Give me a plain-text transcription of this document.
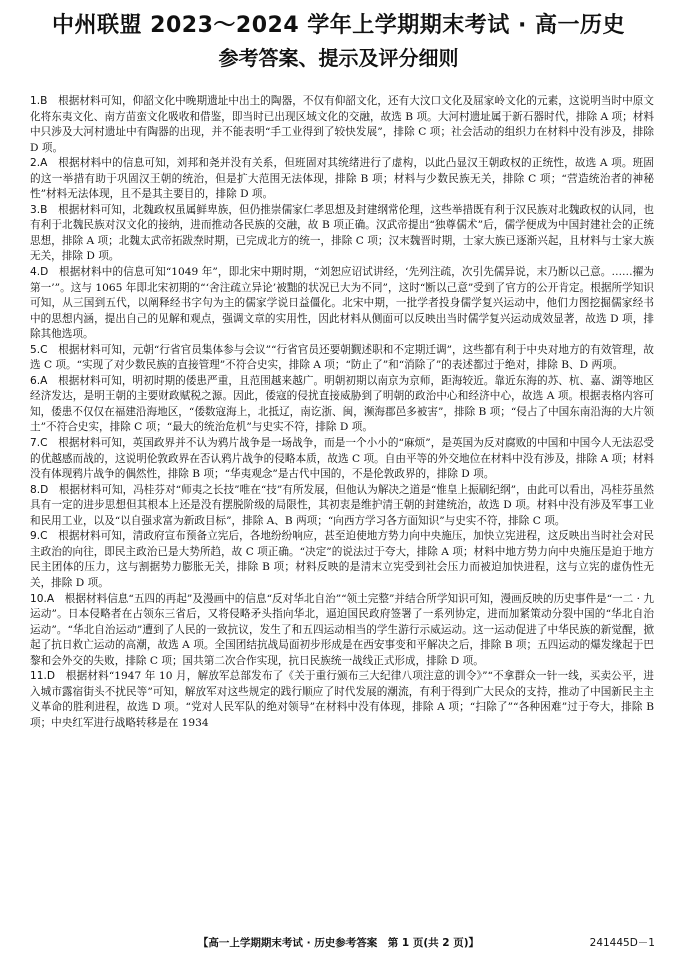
中州联盟 2023～2024 学年上学期期末考试 · 高一历史
参考答案、提示及评分细则

1.B　 根据材料可知，仰韶文化中晚期遗址中出土的陶器，不仅有仰韶文化，还有大汶口文化及屈家岭文化的元素，这说明当时中原文化将东夷文化、南方苗蛮文化吸收和借鉴，即当时已出现区域文化的交融，故选 B 项。大河村遗址属于新石器时代，排除 A 项；材料中只涉及大河村遗址中有陶器的出现，并不能表明“手工业得到了较快发展”，排除 C 项；社会活动的组织力在材料中没有涉及，排除 D 项。

2.A　 根据材料中的信息可知，刘邦和尧并没有关系，但班固对其统绪进行了虚构，以此凸显汉王朝政权的正统性，故选 A 项。班固的这一举措有助于巩固汉王朝的统治，但是扩大范围无法体现，排除 B 项；材料与少数民族无关，排除 C 项；“营造统治者的神秘性”材料无法体现，且不是其主要目的，排除 D 项。

3.B　 根据材料可知，北魏政权虽属鲜卑族，但仍推崇儒家仁孝思想及封建纲常伦理，这些举措既有利于汉民族对北魏政权的认同，也有利于北魏民族对汉文化的接纳，进而推动各民族的交融，故 B 项正确。汉武帝提出“独尊儒术”后，儒学便成为中国封建社会的正统思想，排除 A 项；北魏太武帝拓跋焘时期，已完成北方的统一，排除 C 项；汉末魏晋时期，士家大族已逐渐兴起，且材料与士家大族无关，排除 D 项。

4.D　 根据材料中的信息可知“1049 年”，即北宋中期时期，“刘恕应诏试讲经，‘先列注疏，次引先儒异说，末乃断以己意。……擢为第一’”。这与 1065 年即北宋初期的“‘舍注疏立异论’被黜的状况已大为不同”，这时“断以己意”受到了官方的公开肯定。根据所学知识可知，从三国到五代，以阐释经书字句为主的儒家学说日益僵化。北宋中期，一批学者投身儒学复兴运动中，他们力图挖掘儒家经书中的思想内涵，提出自己的见解和观点，强调文章的实用性，因此材料从侧面可以反映出当时儒学复兴运动成效显著，故选 D 项，排除其他选项。

5.C　 根据材料可知，元朝“行省官员集体参与会议”“行省官员还要朝觐述职和不定期迁调”，这些都有利于中央对地方的有效管理，故选 C 项。“实现了对少数民族的直接管理”不符合史实，排除 A 项；“防止了”和“消除了”的表述都过于绝对，排除 B、D 两项。

6.A　 根据材料可知，明初时期的倭患严重，且范围越来越广。明朝初期以南京为京师，距海较近。靠近东海的苏、杭、嘉、湖等地区经济发达，是明王朝的主要财政赋税之源。因此，倭寇的侵扰直接威胁到了明朝的政治中心和经济中心，故选 A 项。根据表格内容可知，倭患不仅仅在福建沿海地区，“倭数寇海上，北抵辽，南讫浙、闽，濒海郡邑多被害”，排除 B 项；“侵占了中国东南沿海的大片领土”不符合史实，排除 C 项；“最大的统治危机”与史实不符，排除 D 项。

7.C　 根据材料可知，英国政界并不认为鸦片战争是一场战争，而是一个小小的“麻烦”，是英国为反对腐败的中国和中国今人无法忍受的优越感而战的，这说明伦敦政界在否认鸦片战争的侵略本质，故选 C 项。自由平等的外交地位在材料中没有涉及，排除 A 项；材料没有体现鸦片战争的偶然性，排除 B 项；“华夷观念”是古代中国的，不是伦敦政界的，排除 D 项。

8.D　 根据材料可知，冯桂芬对“师夷之长技”唯在“技”有所发展，但他认为解决之道是“惟皇上振刷纪纲”，由此可以看出，冯桂芬虽然具有一定的进步思想但其根本上还是没有摆脱阶级的局限性，其初衷是维护清王朝的封建统治，故选 D 项。材料中没有涉及军事工业和民用工业，以及“以自强求富为新政目标”，排除 A、B 两项；“向西方学习各方面知识”与史实不符，排除 C 项。

9.C　 根据材料可知，清政府宣布预备立宪后，各地纷纷响应，甚至迫使地方势力向中央施压，加快立宪进程，这反映出当时社会对民主政治的向往，即民主政治已是大势所趋，故 C 项正确。“决定”的说法过于夸大，排除 A 项；材料中地方势力向中央施压是迫于地方民主团体的压力，这与割据势力膨胀无关，排除 B 项；材料反映的是清末立宪受到社会压力而被迫加快进程，这与立宪的虚伪性无关，排除 D 项。

10.A　 根据材料信息“五四的再起”及漫画中的信息“反对华北自治”“领土完整”并结合所学知识可知，漫画反映的历史事件是“一二 · 九运动”。日本侵略者在占领东三省后，又将侵略矛头指向华北，逼迫国民政府签署了一系列协定，进而加紧策动分裂中国的“华北自治运动”。“华北自治运动”遭到了人民的一致抗议，发生了和五四运动相当的学生游行示威运动。这一运动促进了中华民族的新觉醒，掀起了抗日救亡运动的高潮，故选 A 项。全国团结抗战局面初步形成是在西安事变和平解决之后，排除 B 项；五四运动的爆发缘起于巴黎和会外交的失败，排除 C 项；国共第二次合作实现，抗日民族统一战线正式形成，排除 D 项。

11.D　 根据材料“1947 年 10 月，解放军总部发布了《关于重行颁布三大纪律八项注意的训令》”“不拿群众一针一线，买卖公平，进入城市露宿街头不扰民等”可知，解放军对这些规定的践行顺应了时代发展的潮流，有利于得到广大民众的支持，推动了中国新民主主义革命的胜利进程，故选 D 项。“党对人民军队的绝对领导”在材料中没有体现，排除 A 项；“扫除了”“各种困难”过于夸大，排除 B 项；中央红军进行战略转移是在 1934

【高一上学期期末考试 · 历史参考答案　第 1 页(共 2 页)】	241445D－1
